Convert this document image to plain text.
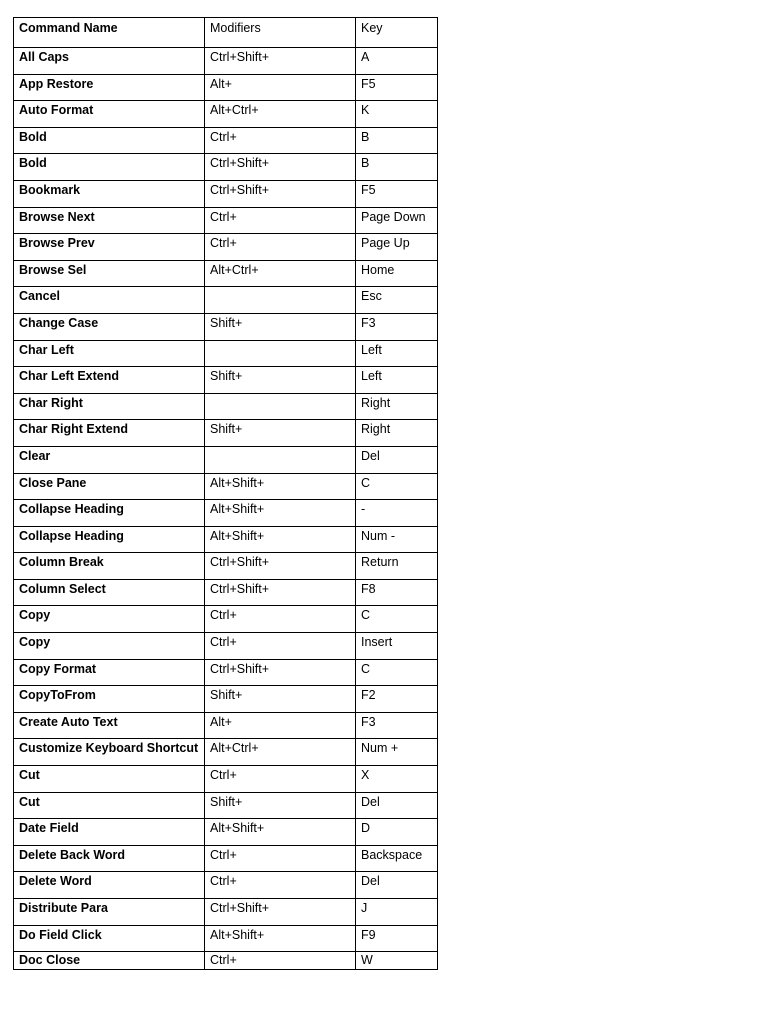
Command Name	Modifiers	Key
All Caps	Ctrl+Shift+	A
App Restore	Alt+	F5
Auto Format	Alt+Ctrl+	K
Bold	Ctrl+	B
Bold	Ctrl+Shift+	B
Bookmark	Ctrl+Shift+	F5
Browse Next	Ctrl+	Page Down
Browse Prev	Ctrl+	Page Up
Browse Sel	Alt+Ctrl+	Home
Cancel		Esc
Change Case	Shift+	F3
Char Left		Left
Char Left Extend	Shift+	Left
Char Right		Right
Char Right Extend	Shift+	Right
Clear		Del
Close Pane	Alt+Shift+	C
Collapse Heading	Alt+Shift+	-
Collapse Heading	Alt+Shift+	Num -
Column Break	Ctrl+Shift+	Return
Column Select	Ctrl+Shift+	F8
Copy	Ctrl+	C
Copy	Ctrl+	Insert
Copy Format	Ctrl+Shift+	C
CopyToFrom	Shift+	F2
Create Auto Text	Alt+	F3
Customize Keyboard Shortcut	Alt+Ctrl+	Num +
Cut	Ctrl+	X
Cut	Shift+	Del
Date Field	Alt+Shift+	D
Delete Back Word	Ctrl+	Backspace
Delete Word	Ctrl+	Del
Distribute Para	Ctrl+Shift+	J
Do Field Click	Alt+Shift+	F9
Doc Close	Ctrl+	W
